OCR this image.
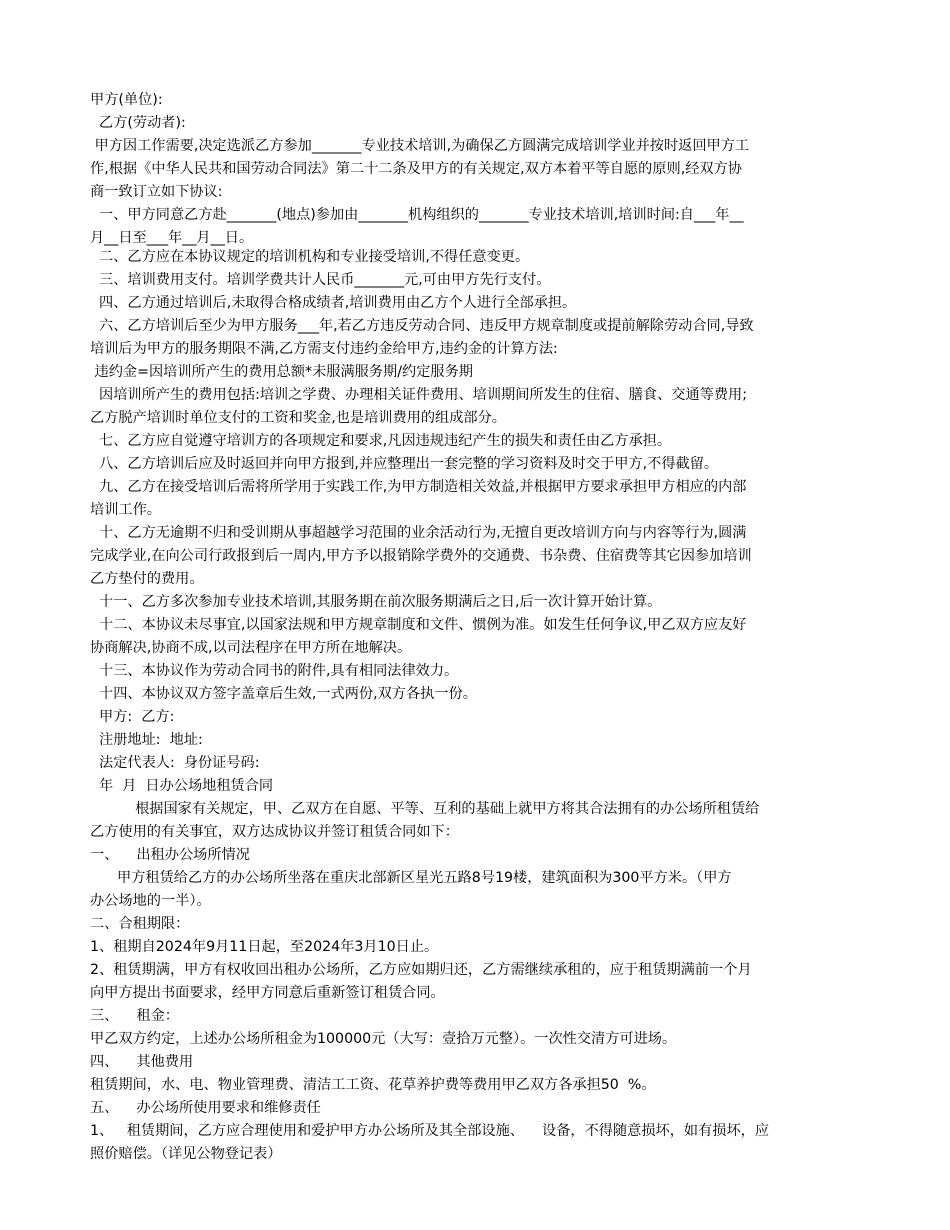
甲方(单位):
乙方(劳动者):
甲方因工作需要,决定选派乙方参加_______专业技术培训,为确保乙方圆满完成培训学业并按时返回甲方工
作,根据《中华人民共和国劳动合同法》第二十二条及甲方的有关规定,双方本着平等自愿的原则,经双方协
商一致订立如下协议:
一、甲方同意乙方赴_______(地点)参加由_______机构组织的_______专业技术培训,培训时间:自___年__
月__日至___年__月__日。
二、乙方应在本协议规定的培训机构和专业接受培训,不得任意变更。
三、培训费用支付。培训学费共计人民币_______元,可由甲方先行支付。
四、乙方通过培训后,未取得合格成绩者,培训费用由乙方个人进行全部承担。
六、乙方培训后至少为甲方服务___年,若乙方违反劳动合同、违反甲方规章制度或提前解除劳动合同,导致
培训后为甲方的服务期限不满,乙方需支付违约金给甲方,违约金的计算方法:
违约金=因培训所产生的费用总额*未服满服务期/约定服务期
因培训所产生的费用包括:培训之学费、办理相关证件费用、培训期间所发生的住宿、膳食、交通等费用;
乙方脱产培训时单位支付的工资和奖金,也是培训费用的组成部分。
七、乙方应自觉遵守培训方的各项规定和要求,凡因违规违纪产生的损失和责任由乙方承担。
八、乙方培训后应及时返回并向甲方报到,并应整理出一套完整的学习资料及时交于甲方,不得截留。
九、乙方在接受培训后需将所学用于实践工作,为甲方制造相关效益,并根据甲方要求承担甲方相应的内部
培训工作。
十、乙方无逾期不归和受训期从事超越学习范围的业余活动行为,无擅自更改培训方向与内容等行为,圆满
完成学业,在向公司行政报到后一周内,甲方予以报销除学费外的交通费、书杂费、住宿费等其它因参加培训
乙方垫付的费用。
十一、乙方多次参加专业技术培训,其服务期在前次服务期满后之日,后一次计算开始计算。
十二、本协议未尽事宜,以国家法规和甲方规章制度和文件、惯例为准。如发生任何争议,甲乙双方应友好
协商解决,协商不成,以司法程序在甲方所在地解决。
十三、本协议作为劳动合同书的附件,具有相同法律效力。
十四、本协议双方签字盖章后生效,一式两份,双方各执一份。
甲方:  乙方:
注册地址:  地址:
法定代表人:  身份证号码:
年  月  日办公场地租赁合同
根据国家有关规定，甲、乙双方在自愿、平等、互利的基础上就甲方将其合法拥有的办公场所租赁给
乙方使用的有关事宜，双方达成协议并签订租赁合同如下：
一、    出租办公场所情况
甲方租赁给乙方的办公场所坐落在重庆北部新区星光五路8号19楼，建筑面积为300平方米。（甲方
办公场地的一半）。
二、合租期限：
1、租期自2024年9月11日起，至2024年3月10日止。
2、租赁期满，甲方有权收回出租办公场所，乙方应如期归还，乙方需继续承租的，应于租赁期满前一个月
向甲方提出书面要求，经甲方同意后重新签订租赁合同。
三、    租金：
甲乙双方约定，上述办公场所租金为100000元（大写：壹拾万元整）。一次性交清方可进场。
四、    其他费用
租赁期间，水、电、物业管理费、清洁工工资、花草养护费等费用甲乙双方各承担50  %。
五、    办公场所使用要求和维修责任
1、   租赁期间，乙方应合理使用和爱护甲方办公场所及其全部设施、    设备，不得随意损坏，如有损坏，应
照价赔偿。（详见公物登记表）
